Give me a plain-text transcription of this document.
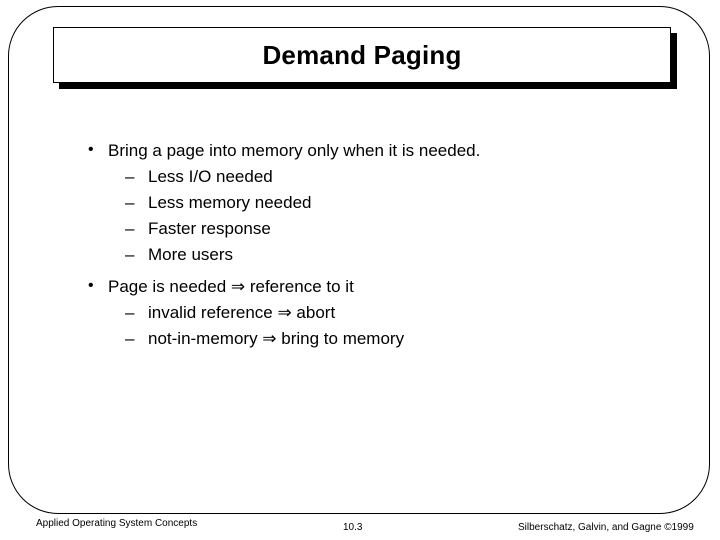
Demand Paging
• Bring a page into memory only when it is needed.
– Less I/O needed
– Less memory needed
– Faster response
– More users
• Page is needed ⇒ reference to it
– invalid reference ⇒ abort
– not-in-memory ⇒ bring to memory
Applied Operating System Concepts	10.3	Silberschatz, Galvin, and Gagne ©1999
